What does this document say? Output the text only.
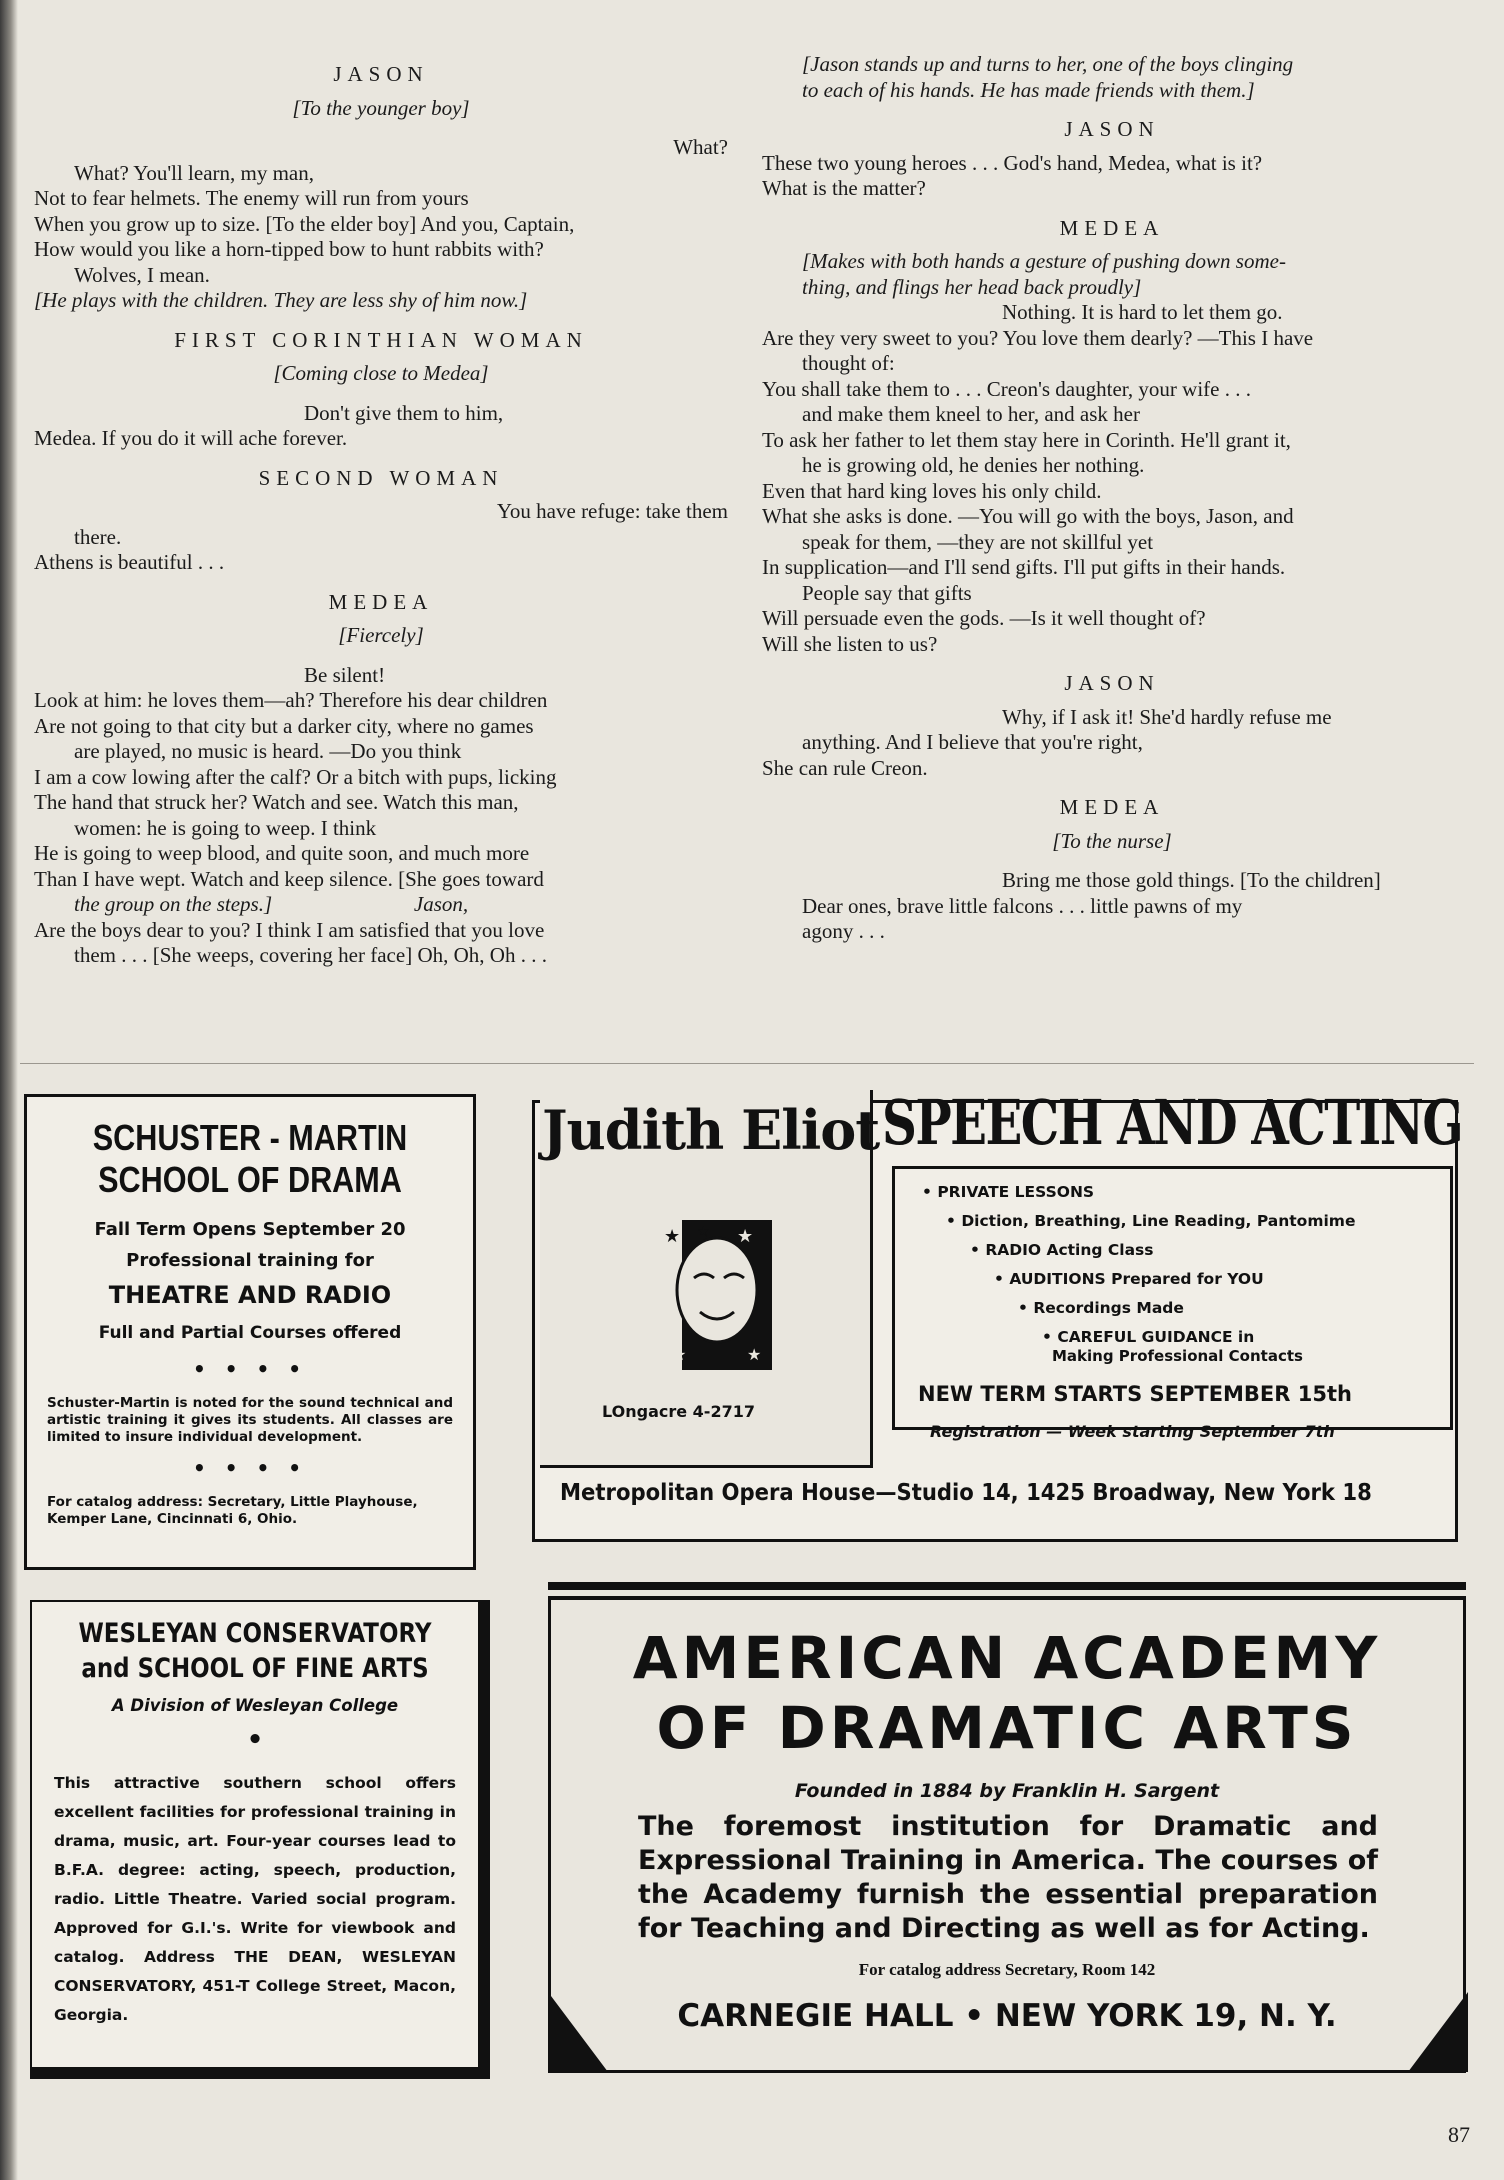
JASON
[To the younger boy]
What?
What? You'll learn, my man,
Not to fear helmets. The enemy will run from yours
When you grow up to size. [To the elder boy] And you, Captain,
How would you like a horn-tipped bow to hunt rabbits with?
Wolves, I mean.
[He plays with the children. They are less shy of him now.]
FIRST CORINTHIAN WOMAN
[Coming close to Medea]
Don't give them to him,
Medea. If you do it will ache forever.
SECOND WOMAN
You have refuge: take them
there.
Athens is beautiful . . .
MEDEA
[Fiercely]
Be silent!
Look at him: he loves them—ah? Therefore his dear children
Are not going to that city but a darker city, where no games
are played, no music is heard. —Do you think
I am a cow lowing after the calf? Or a bitch with pups, licking
The hand that struck her? Watch and see. Watch this man,
women: he is going to weep. I think
He is going to weep blood, and quite soon, and much more
Than I have wept. Watch and keep silence. [She goes toward
the group on the steps.]                           Jason,
Are the boys dear to you? I think I am satisfied that you love
them . . . [She weeps, covering her face] Oh, Oh, Oh . . .
[Jason stands up and turns to her, one of the boys clinging
to each of his hands. He has made friends with them.]
JASON
These two young heroes . . . God's hand, Medea, what is it?
What is the matter?
MEDEA
[Makes with both hands a gesture of pushing down some-
thing, and flings her head back proudly]
Nothing. It is hard to let them go.
Are they very sweet to you? You love them dearly? —This I have
thought of:
You shall take them to . . . Creon's daughter, your wife . . .
and make them kneel to her, and ask her
To ask her father to let them stay here in Corinth. He'll grant it,
he is growing old, he denies her nothing.
Even that hard king loves his only child.
What she asks is done. —You will go with the boys, Jason, and
speak for them, —they are not skillful yet
In supplication—and I'll send gifts. I'll put gifts in their hands.
People say that gifts
Will persuade even the gods. —Is it well thought of?
Will she listen to us?
JASON
Why, if I ask it! She'd hardly refuse me
anything. And I believe that you're right,
She can rule Creon.
MEDEA
[To the nurse]
Bring me those gold things. [To the children]
Dear ones, brave little falcons . . . little pawns of my
agony . . .
SCHUSTER - MARTIN
SCHOOL OF DRAMA
Fall Term Opens September 20
Professional training for
THEATRE AND RADIO
Full and Partial Courses offered
• • • •
Schuster-Martin is noted for the sound technical and artistic training it gives its students. All classes are limited to insure individual development.
• • • •
For catalog address: Secretary, Little Playhouse, Kemper Lane, Cincinnati 6, Ohio.
Judith Eliot
★ ★ ★
★	★
LOngacre 4-2717
SPEECH AND ACTING
• PRIVATE LESSONS
• Diction, Breathing, Line Reading, Pantomime
• RADIO Acting Class
• AUDITIONS Prepared for YOU
• Recordings Made
• CAREFUL GUIDANCE in
Making Professional Contacts
NEW TERM STARTS SEPTEMBER 15th
Registration — Week starting September 7th
Metropolitan Opera House—Studio 14, 1425 Broadway, New York 18
WESLEYAN CONSERVATORY
and SCHOOL OF FINE ARTS
A Division of Wesleyan College
•
This attractive southern school offers excellent facilities for professional training in drama, music, art. Four-year courses lead to B.F.A. degree: acting, speech, production, radio. Little Theatre. Varied social program. Approved for G.I.'s. Write for viewbook and catalog. Address THE DEAN, WESLEYAN CONSERVATORY, 451-T College Street, Macon, Georgia.
AMERICAN ACADEMY
OF DRAMATIC ARTS
Founded in 1884 by Franklin H. Sargent
The foremost institution for Dramatic and Expressional Training in America. The courses of the Academy furnish the essential preparation for Teaching and Directing as well as for Acting.
For catalog address Secretary, Room 142
CARNEGIE HALL • NEW YORK 19, N. Y.
87
